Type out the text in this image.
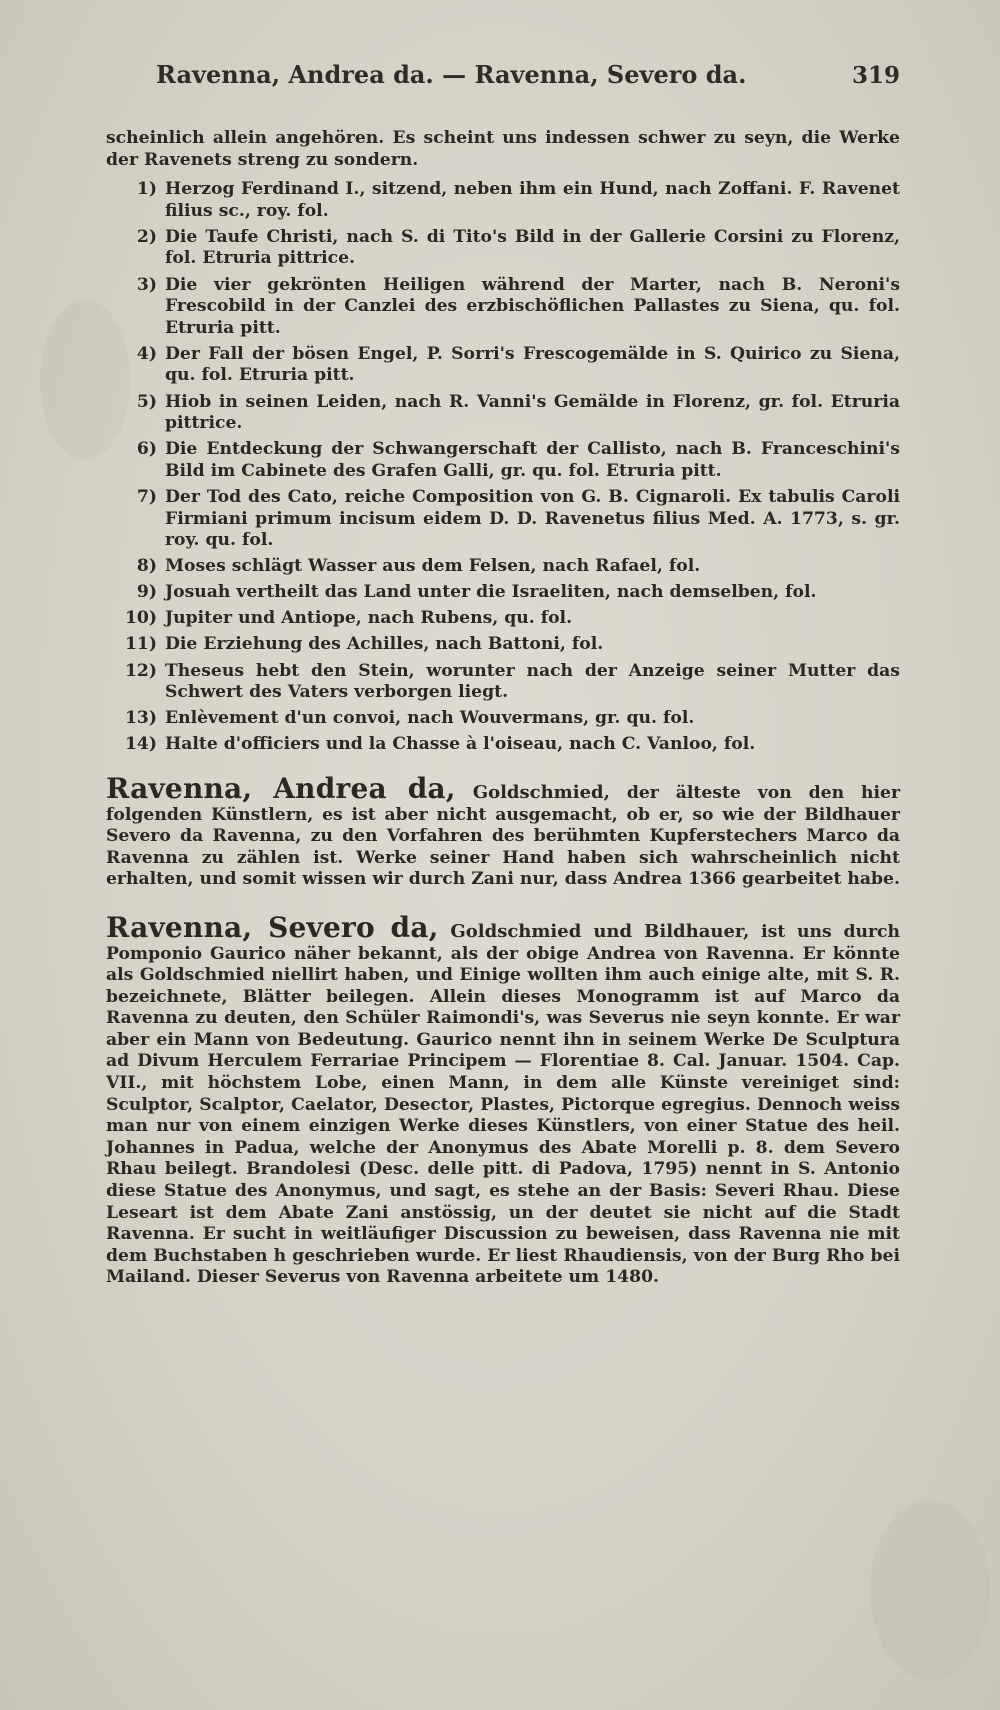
Ravenna, Andrea da. — Ravenna, Severo da.	319
scheinlich allein angehören. Es scheint uns indessen schwer zu seyn, die Werke der Ravenets streng zu sondern.
1) Herzog Ferdinand I., sitzend, neben ihm ein Hund, nach Zoffani. F. Ravenet filius sc., roy. fol.
2) Die Taufe Christi, nach S. di Tito's Bild in der Gallerie Corsini zu Florenz, fol. Etruria pittrice.
3) Die vier gekrönten Heiligen während der Marter, nach B. Neroni's Frescobild in der Canzlei des erzbischöflichen Pallastes zu Siena, qu. fol. Etruria pitt.
4) Der Fall der bösen Engel, P. Sorri's Frescogemälde in S. Quirico zu Siena, qu. fol. Etruria pitt.
5) Hiob in seinen Leiden, nach R. Vanni's Gemälde in Florenz, gr. fol. Etruria pittrice.
6) Die Entdeckung der Schwangerschaft der Callisto, nach B. Franceschini's Bild im Cabinete des Grafen Galli, gr. qu. fol. Etruria pitt.
7) Der Tod des Cato, reiche Composition von G. B. Cignaroli. Ex tabulis Caroli Firmiani primum incisum eidem D. D. Ravenetus filius Med. A. 1773, s. gr. roy. qu. fol.
8) Moses schlägt Wasser aus dem Felsen, nach Rafael, fol.
9) Josuah vertheilt das Land unter die Israeliten, nach demselben, fol.
10) Jupiter und Antiope, nach Rubens, qu. fol.
11) Die Erziehung des Achilles, nach Battoni, fol.
12) Theseus hebt den Stein, worunter nach der Anzeige seiner Mutter das Schwert des Vaters verborgen liegt.
13) Enlèvement d'un convoi, nach Wouvermans, gr. qu. fol.
14) Halte d'officiers und la Chasse à l'oiseau, nach C. Vanloo, fol.
Ravenna, Andrea da, Goldschmied, der älteste von den hier folgenden Künstlern, es ist aber nicht ausgemacht, ob er, so wie der Bildhauer Severo da Ravenna, zu den Vorfahren des berühmten Kupferstechers Marco da Ravenna zu zählen ist. Werke seiner Hand haben sich wahrscheinlich nicht erhalten, und somit wissen wir durch Zani nur, dass Andrea 1366 gearbeitet habe.
Ravenna, Severo da, Goldschmied und Bildhauer, ist uns durch Pomponio Gaurico näher bekannt, als der obige Andrea von Ravenna. Er könnte als Goldschmied niellirt haben, und Einige wollten ihm auch einige alte, mit S. R. bezeichnete, Blätter beilegen. Allein dieses Monogramm ist auf Marco da Ravenna zu deuten, den Schüler Raimondi's, was Severus nie seyn konnte. Er war aber ein Mann von Bedeutung. Gaurico nennt ihn in seinem Werke De Sculptura ad Divum Herculem Ferrariae Principem — Florentiae 8. Cal. Januar. 1504. Cap. VII., mit höchstem Lobe, einen Mann, in dem alle Künste vereiniget sind: Sculptor, Scalptor, Caelator, Desector, Plastes, Pictorque egregius. Dennoch weiss man nur von einem einzigen Werke dieses Künstlers, von einer Statue des heil. Johannes in Padua, welche der Anonymus des Abate Morelli p. 8. dem Severo Rhau beilegt. Brandolesi (Desc. delle pitt. di Padova, 1795) nennt in S. Antonio diese Statue des Anonymus, und sagt, es stehe an der Basis: Severi Rhau. Diese Leseart ist dem Abate Zani anstössig, un der deutet sie nicht auf die Stadt Ravenna. Er sucht in weitläufiger Discussion zu beweisen, dass Ravenna nie mit dem Buchstaben h geschrieben wurde. Er liest Rhaudiensis, von der Burg Rho bei Mailand. Dieser Severus von Ravenna arbeitete um 1480.
